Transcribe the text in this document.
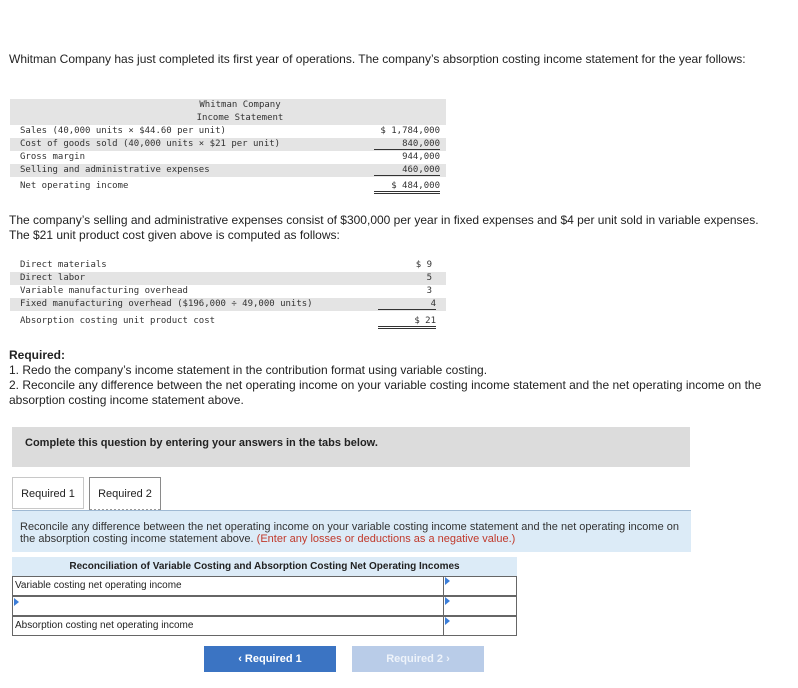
Whitman Company has just completed its first year of operations. The company’s absorption costing income statement for the year follows:
Whitman Company
Income Statement
Sales (40,000 units × $44.60 per unit)	$ 1,784,000
Cost of goods sold (40,000 units × $21 per unit)	840,000
Gross margin	944,000
Selling and administrative expenses	460,000
Net operating income	$ 484,000
The company’s selling and administrative expenses consist of $300,000 per year in fixed expenses and $4 per unit sold in variable expenses. The $21 unit product cost given above is computed as follows:
Direct materials	$ 9
Direct labor	5
Variable manufacturing overhead	3
Fixed manufacturing overhead ($196,000 ÷ 49,000 units)	4
Absorption costing unit product cost	$ 21
Required:
1. Redo the company’s income statement in the contribution format using variable costing.
2. Reconcile any difference between the net operating income on your variable costing income statement and the net operating income on the absorption costing income statement above.
Complete this question by entering your answers in the tabs below.
Required 1	Required 2

Reconcile any difference between the net operating income on your variable costing income statement and the net operating income on the absorption costing income statement above. (Enter any losses or deductions as a negative value.)

Reconciliation of Variable Costing and Absorption Costing Net Operating Incomes
Variable costing net operating income
Absorption costing net operating income
‹ Required 1	Required 2 ›
